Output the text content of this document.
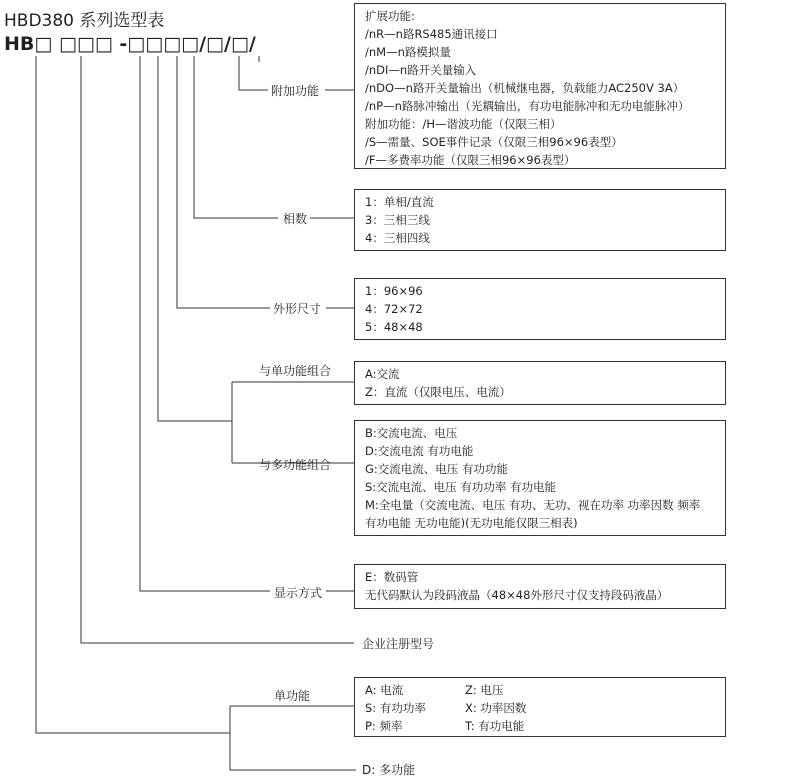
HBD380 系列选型表
HB□ □□□ -□□□□/□/□/
附加功能
扩展功能:
/nR—n路RS485通讯接口
/nM—n路模拟量
/nDI—n路开关量输入
/nDO—n路开关量输出（机械继电器，负载能力AC250V 3A）
/nP—n路脉冲输出（光耦输出，有功电能脉冲和无功电能脉冲）
附加功能：/H—谐波功能（仅限三相）
/S—需量、SOE事件记录（仅限三相96×96表型）
/F—多费率功能（仅限三相96×96表型）
相数
1：单相/直流
3：三相三线
4：三相四线
外形尺寸
1：96×96
4：72×72
5：48×48
与单功能组合	A:交流
Z：直流（仅限电压、电流）
与多功能组合
B:交流电流、电压
D:交流电流 有功电能
G:交流电流、电压 有功功能
S:交流电流、电压 有功功率 有功电能
M:全电量（交流电流、电压 有功、无功、视在功率 功率因数 频率
有功电能 无功电能)(无功电能仅限三相表)
显示方式
E：数码管
无代码默认为段码液晶（48×48外形尺寸仅支持段码液晶）
企业注册型号
单功能	A: 电流	Z: 电压
S: 有功功率	X: 功率因数
P: 频率	T: 有功电能
D: 多功能
